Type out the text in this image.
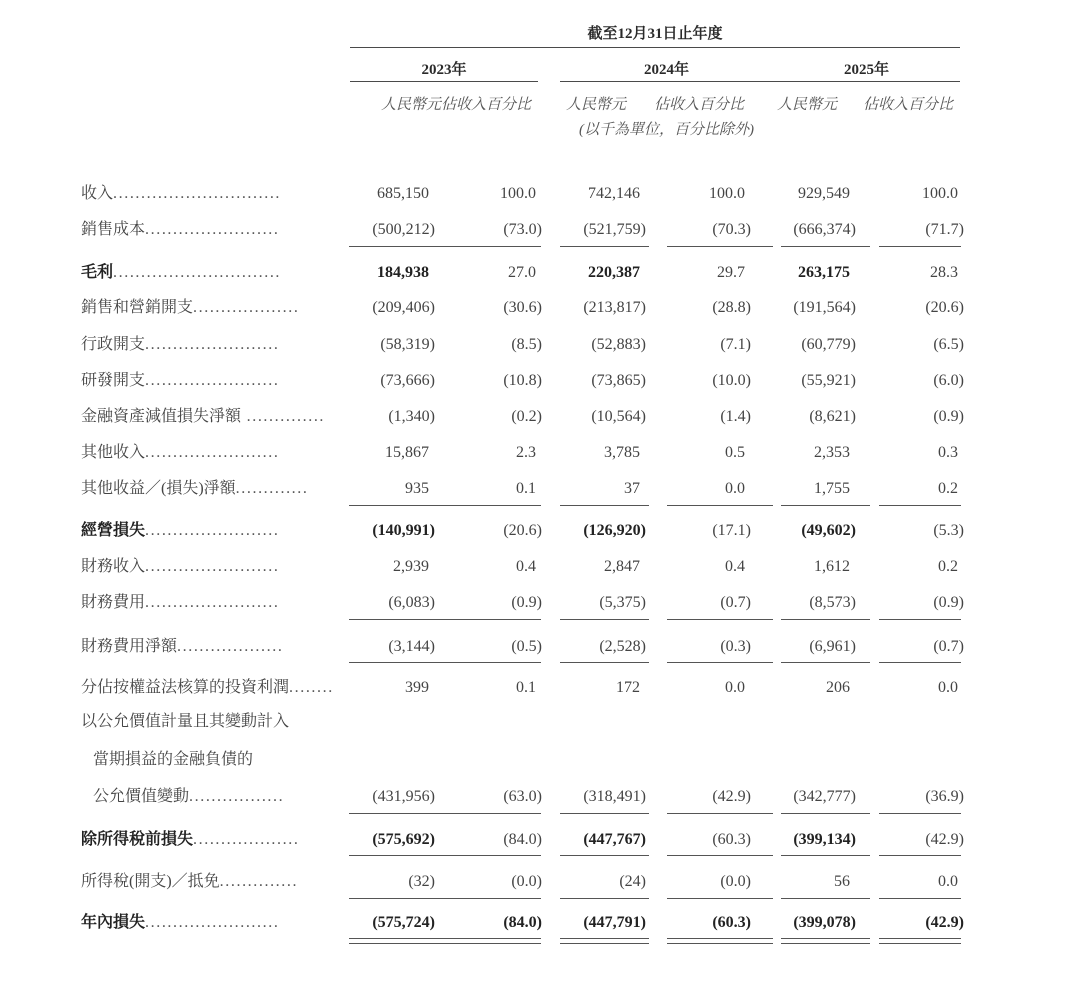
截至12月31日止年度
2023年	2024年	2025年
人民幣元 佔收入百分比	人民幣元 佔收入百分比 人民幣元 佔收入百分比
(以千為單位，百分比除外)
收入..............................	685,150	100.0	742,146	100.0	929,549	100.0
銷售成本........................	(500,212)	(73.0)	(521,759)	(70.3)	(666,374)	(71.7)
毛利..............................	184,938	27.0	220,387	29.7	263,175	28.3
銷售和營銷開支...................	(209,406)	(30.6)	(213,817)	(28.8)	(191,564)	(20.6)
行政開支........................	(58,319)	(8.5)	(52,883)	(7.1)	(60,779)	(6.5)
研發開支........................	(73,666)	(10.8)	(73,865)	(10.0)	(55,921)	(6.0)
金融資產減值損失淨額 ..............	(1,340)	(0.2)	(10,564)	(1.4)	(8,621)	(0.9)
其他收入........................	15,867	2.3	3,785	0.5	2,353	0.3
其他收益／(損失)淨額.............	935	0.1	37	0.0	1,755	0.2
經營損失........................	(140,991)	(20.6)	(126,920)	(17.1)	(49,602)	(5.3)
財務收入........................	2,939	0.4	2,847	0.4	1,612	0.2
財務費用........................	(6,083)	(0.9)	(5,375)	(0.7)	(8,573)	(0.9)
財務費用淨額...................	(3,144)	(0.5)	(2,528)	(0.3)	(6,961)	(0.7)
分佔按權益法核算的投資利潤........	399	0.1	172	0.0	206	0.0
以公允價值計量且其變動計入
當期損益的金融負債的
公允價值變動.................	(431,956)	(63.0)	(318,491)	(42.9)	(342,777)	(36.9)
除所得稅前損失...................	(575,692)	(84.0)	(447,767)	(60.3)	(399,134)	(42.9)
所得稅(開支)／抵免..............	(32)	(0.0)	(24)	(0.0)	56	0.0
年內損失........................	(575,724)	(84.0)	(447,791)	(60.3)	(399,078)	(42.9)
